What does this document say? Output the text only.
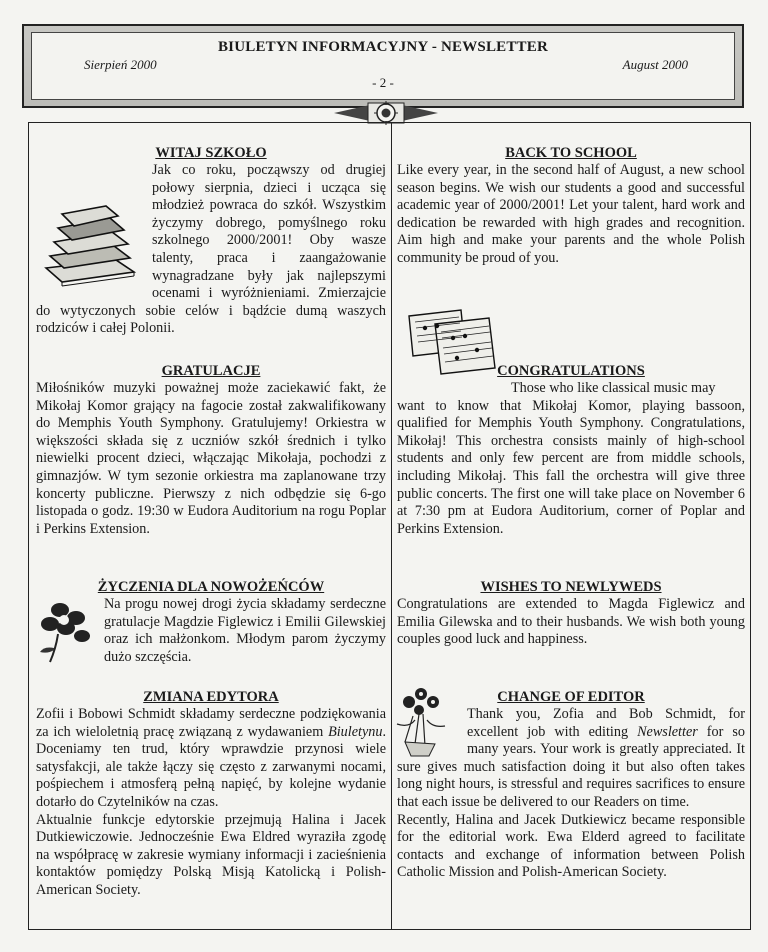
BIULETYN INFORMACYJNY - NEWSLETTER
Sierpień 2000	August 2000
- 2 -
WITAJ SZKOŁO

Jak co roku, począwszy od drugiej połowy sierpnia, dzieci i ucząca się młodzież powraca do szkół. Wszystkim życzymy dobrego, pomyślnego roku szkolnego 2000/2001! Oby wasze talenty, praca i zaangażowanie wynagradzane były jak najlepszymi ocenami i wyróżnieniami. Zmierzajcie do wytyczonych sobie celów i bądźcie dumą waszych rodziców i całej Polonii.

GRATULACJE

Miłośników muzyki poważnej może zaciekawić fakt, że Mikołaj Komor grający na fagocie został zakwalifikowany do Memphis Youth Symphony. Gratulujemy! Orkiestra w większości składa się z uczniów szkół średnich i tylko niewielki procent dzieci, włączając Mikołaja, pochodzi z gimnazjów. W tym sezonie orkiestra ma zaplanowane trzy koncerty publiczne. Pierwszy z nich odbędzie się 6-go listopada o godz. 19:30 w Eudora Auditorium na rogu Poplar i Perkins Extension.

ŻYCZENIA DLA NOWOŻEŃCÓW

Na progu nowej drogi życia składamy serdeczne gratulacje Magdzie Figlewicz i Emilii Gilewskiej oraz ich małżonkom. Młodym parom życzymy dużo szczęścia.

ZMIANA EDYTORA

Zofii i Bobowi Schmidt składamy serdeczne podziękowania za ich wieloletnią pracę związaną z wydawaniem Biuletynu. Doceniamy ten trud, który wprawdzie przynosi wiele satysfakcji, ale także łączy się często z zarwanymi nocami, pośpiechem i atmosferą pełną napięć, by kolejne wydanie dotarło do Czytelników na czas.

Aktualnie funkcje edytorskie przejmują Halina i Jacek Dutkiewiczowie. Jednocześnie Ewa Eldred wyraziła zgodę na współpracę w zakresie wymiany informacji i zacieśnienia kontaktów pomiędzy Polską Misją Katolicką i Polish-American Society.

BACK TO SCHOOL

Like every year, in the second half of August, a new school season begins. We wish our students a good and successful academic year of 2000/2001! Let your talent, hard work and dedication be rewarded with high grades and recognition. Aim high and make your parents and the whole Polish community be proud of you.

CONGRATULATIONS

Those who like classical music may

want to know that Mikołaj Komor, playing bassoon, qualified for Memphis Youth Symphony. Congratulations, Mikołaj! This orchestra consists mainly of high-school students and only few percent are from middle schools, including Mikołaj. This fall the orchestra will give three public concerts. The first one will take place on November 6 at 7:30 pm at Eudora Auditorium, corner of Poplar and Perkins Extension.

WISHES TO NEWLYWEDS

Congratulations are extended to Magda Figlewicz and Emilia Gilewska and to their husbands. We wish both young couples good luck and happiness.

CHANGE OF EDITOR

Thank you, Zofia and Bob Schmidt, for excellent job with editing Newsletter for so many years. Your work is greatly appreciated. It sure gives much satisfaction doing it but also often takes long night hours, is stressful and requires sacrifices to ensure that each issue be delivered to our Readers on time.

Recently, Halina and Jacek Dutkiewicz became responsible for the editorial work. Ewa Elderd agreed to facilitate contacts and exchange of information between Polish Catholic Mission and Polish-American Society.
